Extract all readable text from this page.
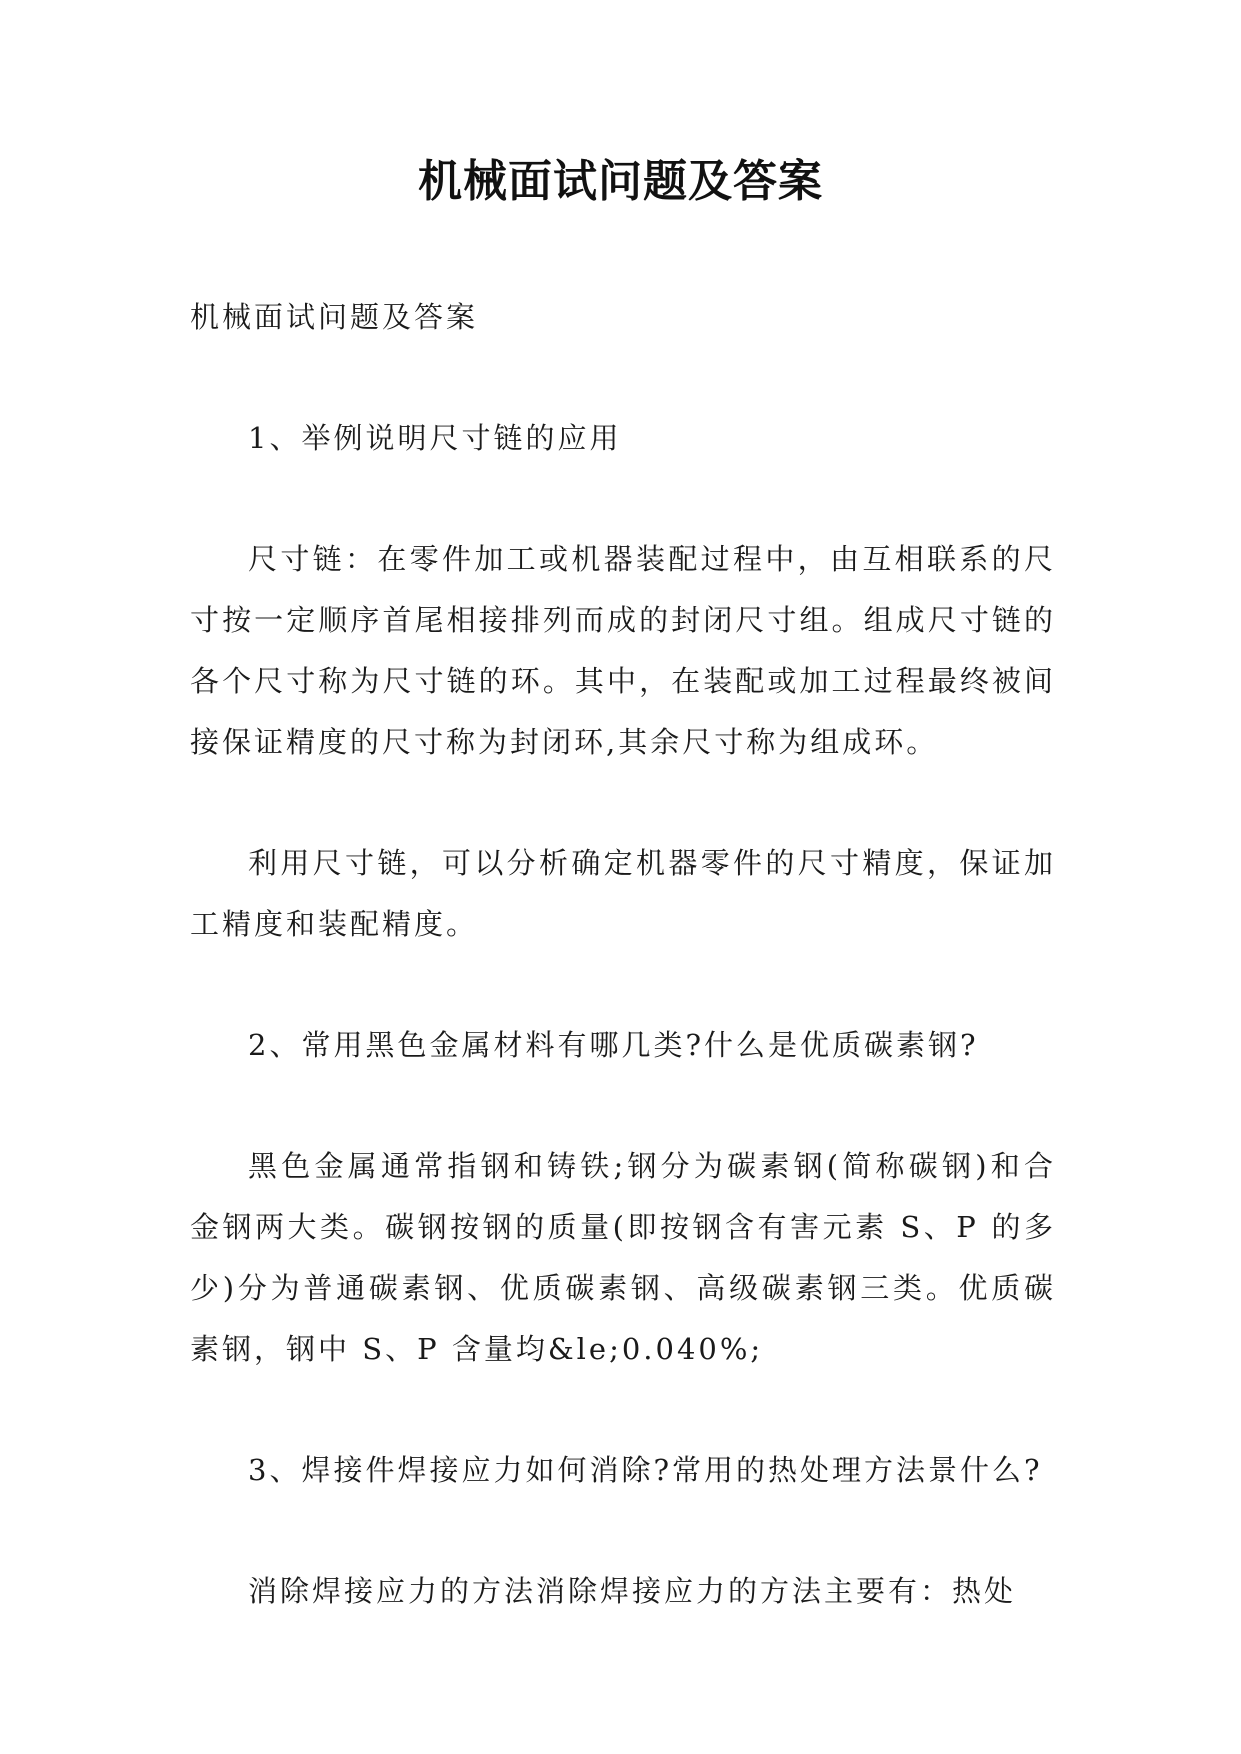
机械面试问题及答案

机械面试问题及答案

1、举例说明尺寸链的应用

尺寸链：在零件加工或机器装配过程中，由互相联系的尺寸按一定顺序首尾相接排列而成的封闭尺寸组。组成尺寸链的各个尺寸称为尺寸链的环。其中，在装配或加工过程最终被间接保证精度的尺寸称为封闭环,其余尺寸称为组成环。

利用尺寸链，可以分析确定机器零件的尺寸精度，保证加工精度和装配精度。

2、常用黑色金属材料有哪几类?什么是优质碳素钢?

黑色金属通常指钢和铸铁;钢分为碳素钢(简称碳钢)和合金钢两大类。碳钢按钢的质量(即按钢含有害元素 S、P 的多少)分为普通碳素钢、优质碳素钢、高级碳素钢三类。优质碳素钢，钢中 S、P 含量均&le;0.040%;

3、焊接件焊接应力如何消除?常用的热处理方法景什么?

消除焊接应力的方法消除焊接应力的方法主要有：热处
